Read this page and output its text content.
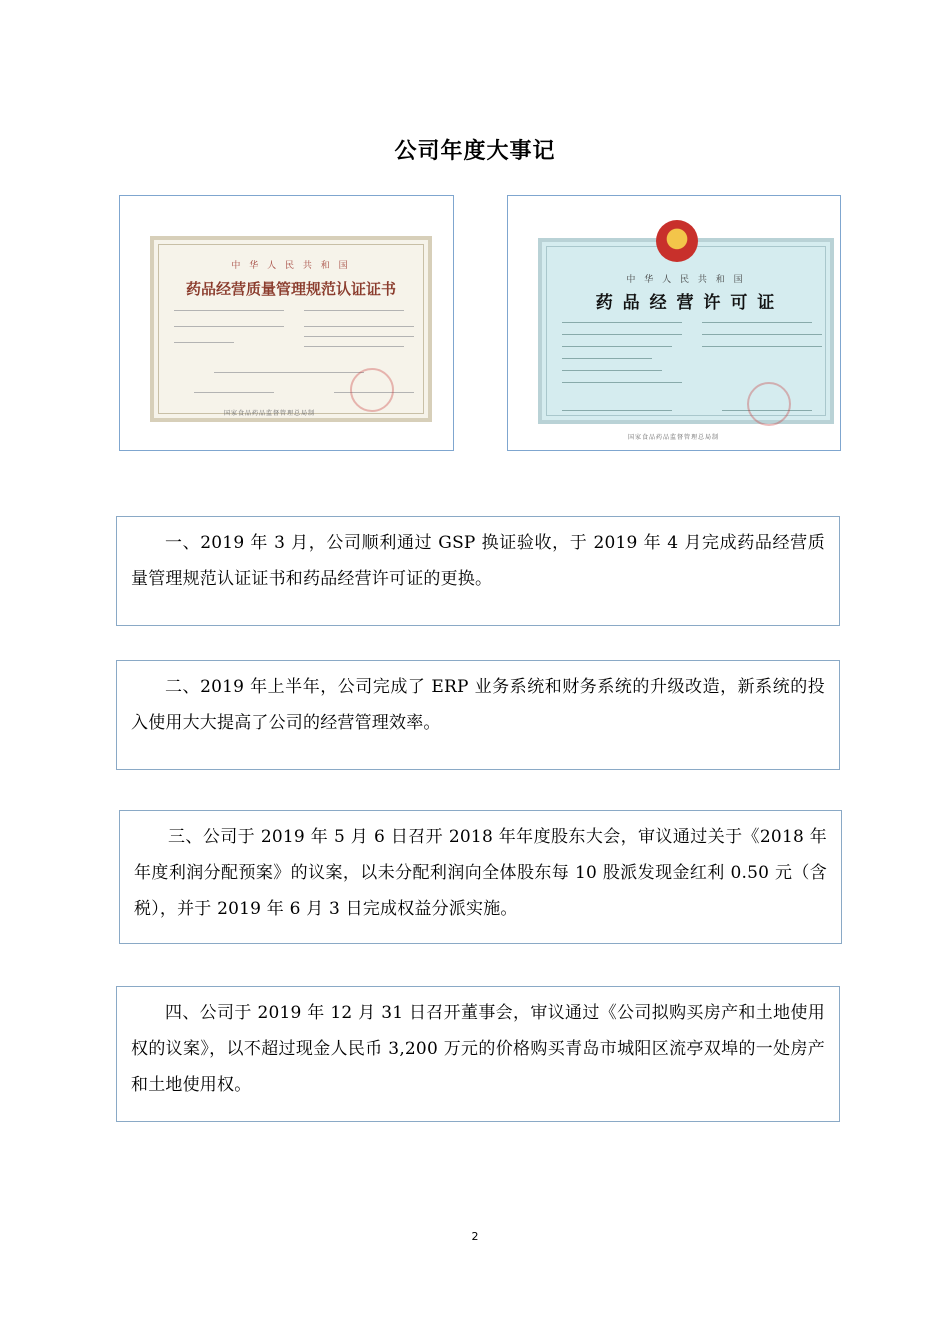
公司年度大事记
中 华 人 民 共 和 国
药品经营质量管理规范认证证书
国家食品药品监督管理总局制
中 华 人 民 共 和 国
药 品 经 营 许 可 证
国家食品药品监督管理总局制

一、2019 年 3 月，公司顺利通过 GSP 换证验收，于 2019 年 4 月完成药品经营质量管理规范认证证书和药品经营许可证的更换。

二、2019 年上半年，公司完成了 ERP 业务系统和财务系统的升级改造，新系统的投入使用大大提高了公司的经营管理效率。

三、公司于 2019 年 5 月 6 日召开 2018 年年度股东大会，审议通过关于《2018 年年度利润分配预案》的议案，以未分配利润向全体股东每 10 股派发现金红利 0.50 元（含税），并于 2019 年 6 月 3 日完成权益分派实施。

四、公司于 2019 年 12 月 31 日召开董事会，审议通过《公司拟购买房产和土地使用权的议案》，以不超过现金人民币 3,200 万元的价格购买青岛市城阳区流亭双埠的一处房产和土地使用权。

2
